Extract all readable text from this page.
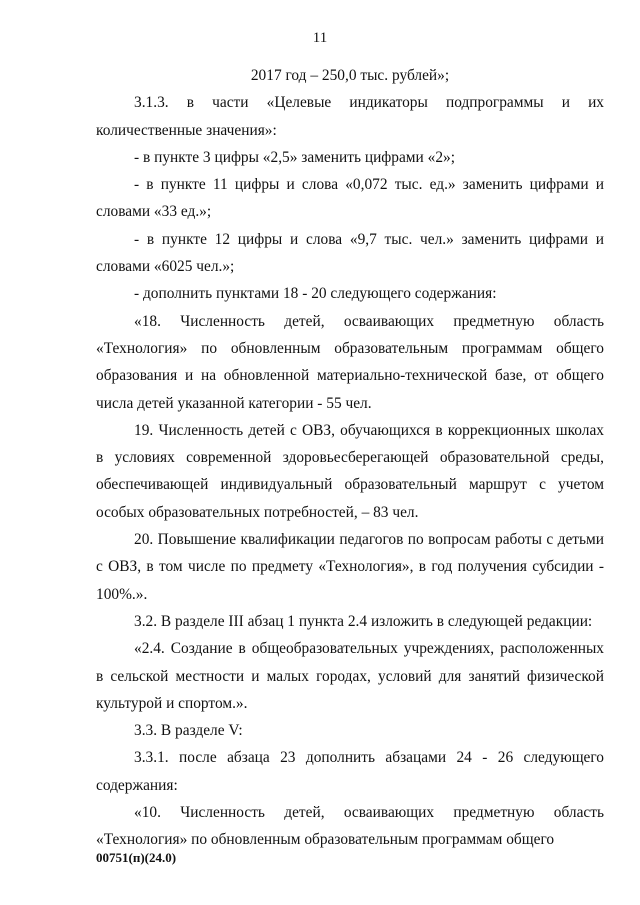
11

2017 год – 250,0 тыс. рублей»;

3.1.3. в части «Целевые индикаторы подпрограммы и их количественные значения»:

- в пункте 3 цифры «2,5» заменить цифрами «2»;

- в пункте 11 цифры и слова «0,072 тыс. ед.» заменить цифрами и словами «33 ед.»;

- в пункте 12 цифры и слова «9,7 тыс. чел.» заменить цифрами и словами «6025 чел.»;

- дополнить пунктами 18 - 20 следующего содержания:

«18. Численность детей, осваивающих предметную область «Технология» по обновленным образовательным программам общего образования и на обновленной материально-технической базе, от общего числа детей указанной категории - 55 чел.

19. Численность детей с ОВЗ, обучающихся в коррекционных школах в условиях современной здоровьесберегающей образовательной среды, обеспечивающей индивидуальный образовательный маршрут с учетом особых образовательных потребностей, – 83 чел.

20. Повышение квалификации педагогов по вопросам работы с детьми с ОВЗ, в том числе по предмету «Технология», в год получения субсидии - 100%.».

3.2. В разделе III абзац 1 пункта 2.4 изложить в следующей редакции:

«2.4. Создание в общеобразовательных учреждениях, расположенных в сельской местности и малых городах, условий для занятий физической культурой и спортом.».

3.3. В разделе V:

3.3.1. после абзаца 23 дополнить абзацами 24 - 26 следующего содержания:

«10. Численность детей, осваивающих предметную область «Технология» по обновленным образовательным программам общего

00751(п)(24.0)
